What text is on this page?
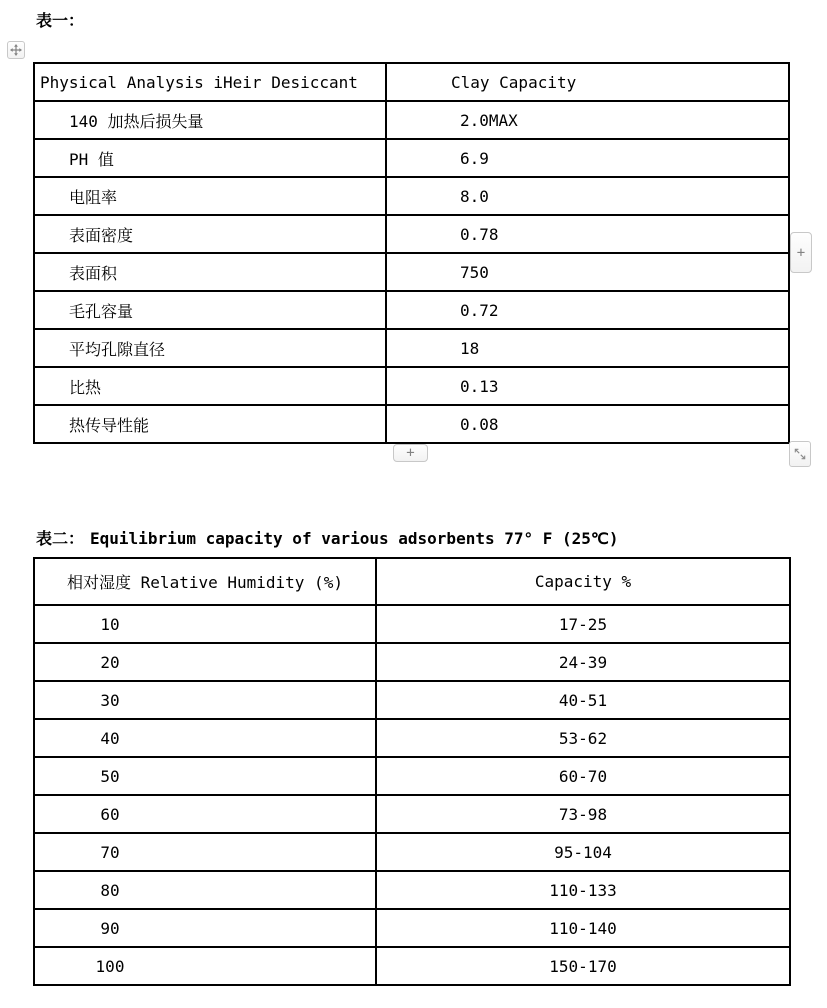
表一：
Physical Analysis iHeir Desiccant	Clay Capacity
140 加热后损失量	2.0MAX
PH 值	6.9
电阻率	8.0
表面密度	0.78
表面积	750
毛孔容量	0.72
平均孔隙直径	18
比热	0.13
热传导性能	0.08
+
+
表二： Equilibrium capacity of various adsorbents 77° F (25℃)
相对湿度 Relative Humidity (%)	Capacity %
10	17-25
20	24-39
30	40-51
40	53-62
50	60-70
60	73-98
70	95-104
80	110-133
90	110-140
100	150-170
